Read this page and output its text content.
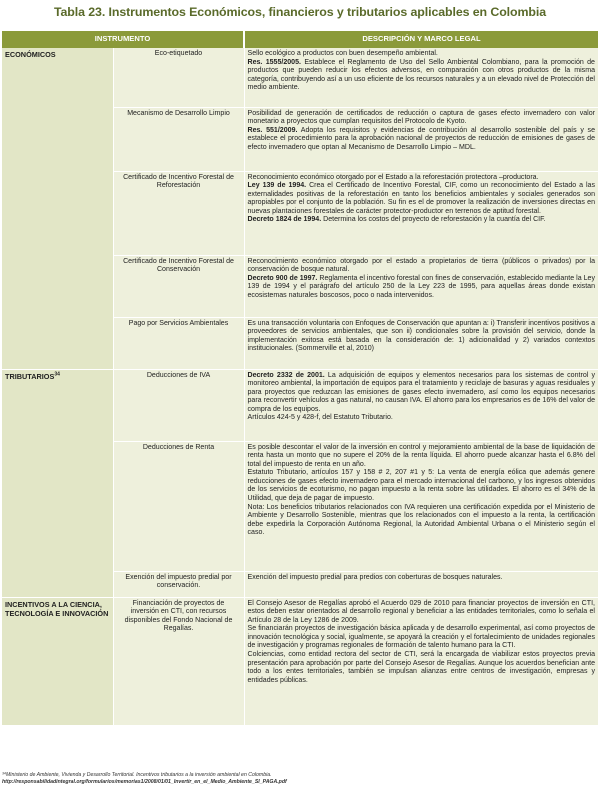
Tabla 23. Instrumentos Económicos, financieros y tributarios aplicables en Colombia
INSTRUMENTO		DESCRIPCIÓN Y MARCO LEGAL
ECONÓMICOS	Eco-etiquetado	Sello ecológico a productos con buen desempeño ambiental.
Res. 1555/2005. Establece el Reglamento de Uso del Sello Ambiental Colombiano, para la promoción de productos que pueden reducir los efectos adversos, en comparación con otros productos de la misma categoría, contribuyendo así a un uso eficiente de los recursos naturales y a un elevado nivel de Protección del medio ambiente.
	Mecanismo de Desarrollo Limpio	Posibilidad de generación de certificados de reducción o captura de gases efecto invernadero con valor monetario a proyectos que cumplan requisitos del Protocolo de Kyoto.
Res. 551/2009. Adopta los requisitos y evidencias de contribución al desarrollo sostenible del país y se establece el procedimiento para la aprobación nacional de proyectos de reducción de emisiones de gases de efecto invernadero que optan al Mecanismo de Desarrollo Limpio – MDL.
	Certificado de Incentivo Forestal de Reforestación	Reconocimiento económico otorgado por el Estado a la reforestación protectora –productora.
Ley 139 de 1994. Crea el Certificado de Incentivo Forestal, CIF, como un reconocimiento del Estado a las externalidades positivas de la reforestación en tanto los beneficios ambientales y sociales generados son apropiables por el conjunto de la población. Su fin es el de promover la realización de inversiones directas en nuevas plantaciones forestales de carácter protector-productor en terrenos de aptitud forestal.
Decreto 1824 de 1994. Determina los costos del proyecto de reforestación y la cuantía del CIF.
	Certificado de Incentivo Forestal de Conservación	Reconocimiento económico otorgado por el estado a propietarios de tierra (públicos o privados) por la conservación de bosque natural.
Decreto 900 de 1997. Reglamenta el incentivo forestal con fines de conservación, establecido mediante la Ley 139 de 1994 y el parágrafo del artículo 250 de la Ley 223 de 1995, para aquellas áreas donde existan ecosistemas naturales boscosos, poco o nada intervenidos.
	Pago por Servicios Ambientales	Es una transacción voluntaria con Enfoques de Conservación que apuntan a: i) Transferir incentivos positivos a proveedores de servicios ambientales, que son ii) condicionales sobre la provisión del servicio, donde la implementación exitosa está basada en la consideración de: 1) adicionalidad y 2) variados contextos institucionales. (Sommerville et al, 2010)
TRIBUTARIOS$^{34}$	Deducciones de IVA	Decreto 2332 de 2001. La adquisición de equipos y elementos necesarios para los sistemas de control y monitoreo ambiental, la importación de equipos para el tratamiento y reciclaje de basuras y aguas residuales y para proyectos que reduzcan las emisiones de gases efecto invernadero, así como los equipos necesarios para reconvertir vehículos a gas natural, no causan IVA. El ahorro para los empresarios es de 16% del valor de compra de los equipos.
Artículos 424-5 y 428-f, del Estatuto Tributario.
	Deducciones de Renta	Es posible descontar el valor de la inversión en control y mejoramiento ambiental de la base de liquidación de renta hasta un monto que no supere el 20% de la renta líquida. El ahorro puede alcanzar hasta el 6.8% del total del impuesto de renta en un año.
Estatuto Tributario, artículos 157 y 158 # 2, 207 #1 y 5: La venta de energía eólica que además genere reducciones de gases efecto invernadero para el mercado internacional del carbono, y los ingresos obtenidos de los servicios de ecoturismo, no pagan impuesto a la renta sobre las utilidades. El ahorro es el 34% de la Utilidad, que deja de pagar de impuesto.
Nota: Los beneficios tributarios relacionados con IVA requieren una certificación expedida por el Ministerio de Ambiente y Desarrollo Sostenible, mientras que los relacionados con el impuesto a la renta, la certificación debe expedirla la Corporación Autónoma Regional, la Autoridad Ambiental Urbana o el Ministerio según el caso.
	Exención del impuesto predial por conservación.	Exención del impuesto predial para predios con coberturas de bosques naturales.
INCENTIVOS A LA CIENCIA, TECNOLOGÍA E INNOVACIÓN	Financiación de proyectos de inversión en CTI, con recursos disponibles del Fondo Nacional de Regalías.	El Consejo Asesor de Regalías aprobó el Acuerdo 029 de 2010 para financiar proyectos de inversión en CTI, estos deben estar orientados al desarrollo regional y beneficiar a las entidades territoriales, como lo señala el Artículo 28 de la Ley 1286 de 2009.
Se financiarán proyectos de investigación básica aplicada y de desarrollo experimental, así como proyectos de innovación tecnológica y social, igualmente, se apoyará la creación y el fortalecimiento de unidades regionales de investigación y programas regionales de formación de talento humano para la CTI.
Colciencias, como entidad rectora del sector de CTI, será la encargada de viabilizar estos proyectos previa presentación para aprobación por parte del Consejo Asesor de Regalías. Aunque los acuerdos benefician ante todo a los entes territoriales, también se impulsan alianzas entre centros de investigación, empresas y entidades públicas.
³⁴Ministerio de Ambiente, Vivienda y Desarrollo Territorial. Incentivos tributarios a la inversión ambiental en Colombia.
http://responsabilidadintegral.org/formularios/memorias1/2008/01/01_Invertir_en_el_Medio_Ambiente_SI_PAGA.pdf
